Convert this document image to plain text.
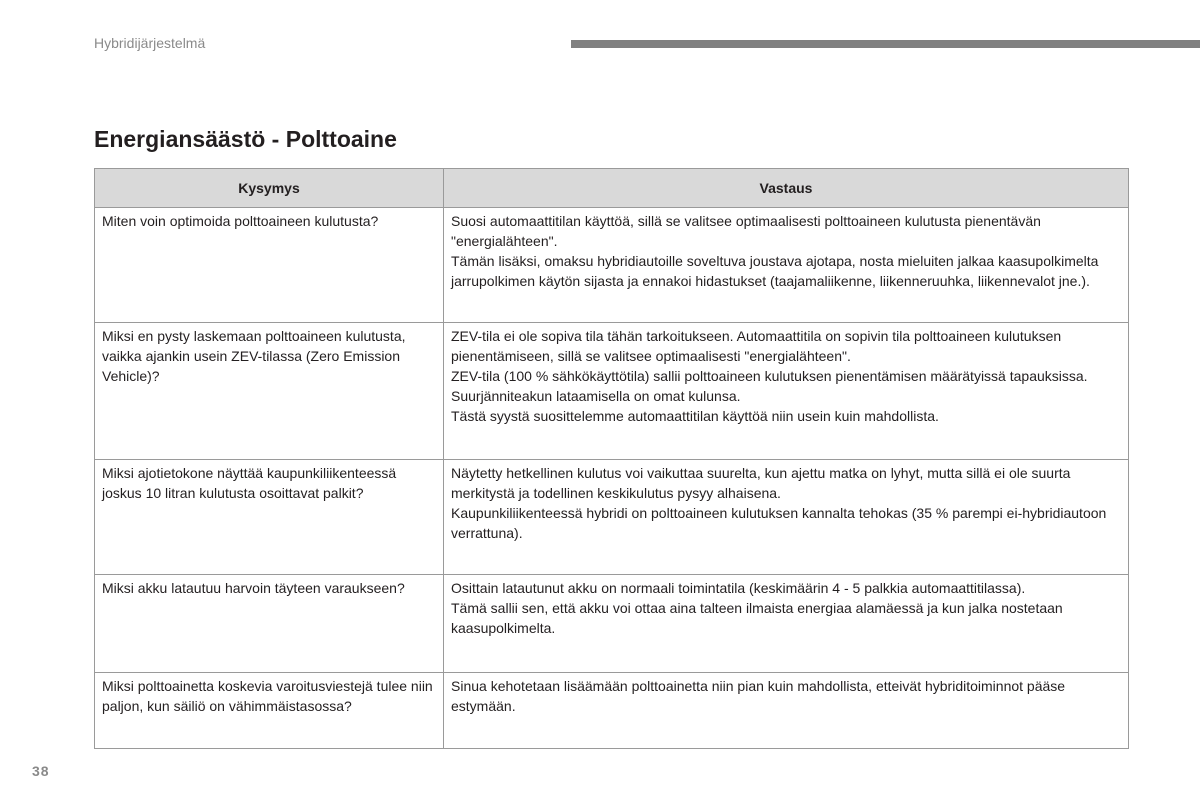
Hybridijärjestelmä
Energiansäästö - Polttoaine
Kysymys	Vastaus
Miten voin optimoida polttoaineen kulutusta?	Suosi automaattitilan käyttöä, sillä se valitsee optimaalisesti polttoaineen kulutusta pienentävän "energialähteen".
Tämän lisäksi, omaksu hybridiautoille soveltuva joustava ajotapa, nosta mieluiten jalkaa kaasupolkimelta jarrupolkimen käytön sijasta ja ennakoi hidastukset (taajamaliikenne, liikenneruuhka, liikennevalot jne.).

Miksi en pysty laskemaan polttoaineen kulutusta, vaikka ajankin usein ZEV-tilassa (Zero Emission Vehicle)?	ZEV-tila ei ole sopiva tila tähän tarkoitukseen. Automaattitila on sopivin tila polttoaineen kulutuksen pienentämiseen, sillä se valitsee optimaalisesti "energialähteen".
ZEV-tila (100 % sähkökäyttötila) sallii polttoaineen kulutuksen pienentämisen määrätyissä tapauksissa. Suurjänniteakun lataamisella on omat kulunsa.
Tästä syystä suosittelemme automaattitilan käyttöä niin usein kuin mahdollista.

Miksi ajotietokone näyttää kaupunkiliikenteessä joskus 10 litran kulutusta osoittavat palkit?	Näytetty hetkellinen kulutus voi vaikuttaa suurelta, kun ajettu matka on lyhyt, mutta sillä ei ole suurta merkitystä ja todellinen keskikulutus pysyy alhaisena.
Kaupunkiliikenteessä hybridi on polttoaineen kulutuksen kannalta tehokas (35 % parempi ei-hybridiautoon verrattuna).

Miksi akku latautuu harvoin täyteen varaukseen?	Osittain latautunut akku on normaali toimintatila (keskimäärin 4 - 5 palkkia automaattitilassa).
Tämä sallii sen, että akku voi ottaa aina talteen ilmaista energiaa alamäessä ja kun jalka nostetaan kaasupolkimelta.

Miksi polttoainetta koskevia varoitusviestejä tulee niin paljon, kun säiliö on vähimmäistasossa?	Sinua kehotetaan lisäämään polttoainetta niin pian kuin mahdollista, etteivät hybriditoiminnot pääse estymään.
38
